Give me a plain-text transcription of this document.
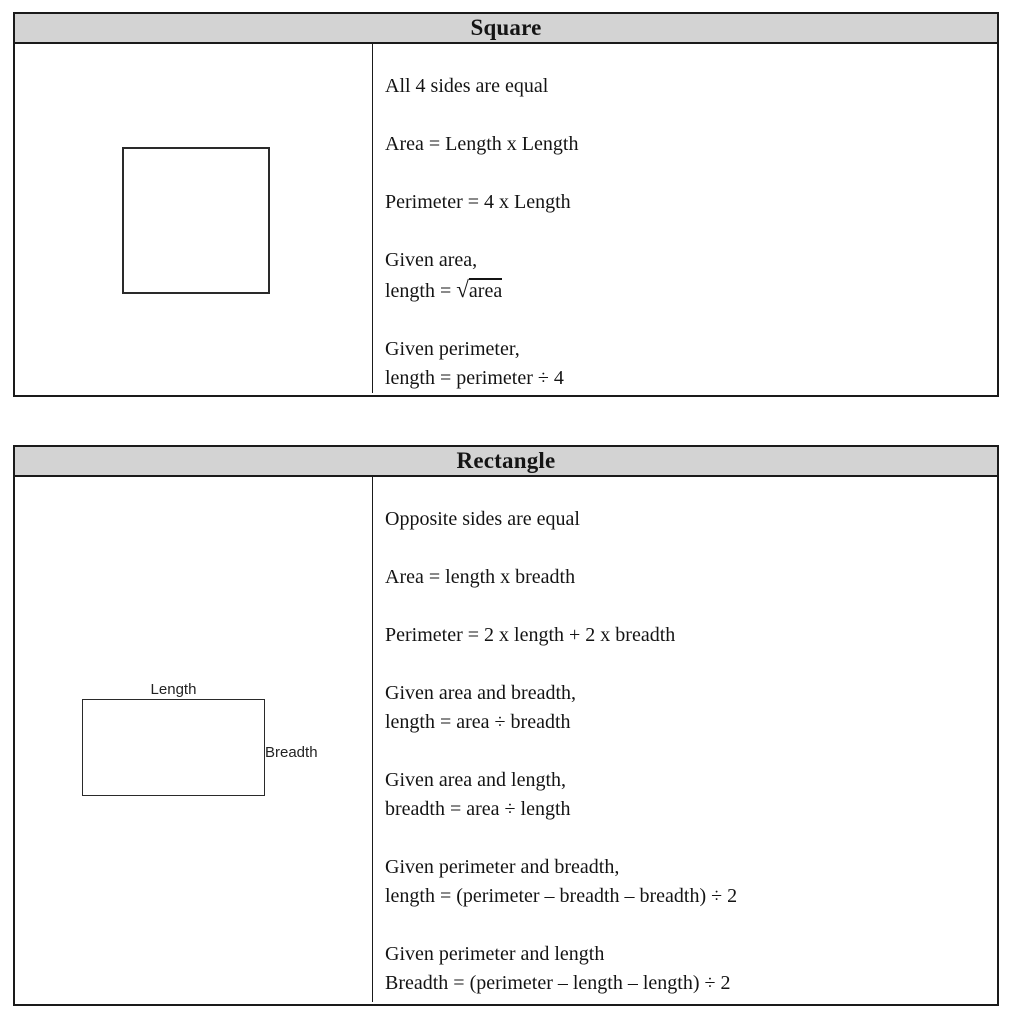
Square

All 4 sides are equal

Area = Length x Length

Perimeter = 4 x Length

Given area,
length = √area

Given perimeter,
length = perimeter ÷ 4

Rectangle
Length
Breadth

Opposite sides are equal

Area = length x breadth

Perimeter = 2 x length + 2 x breadth

Given area and breadth,
length = area ÷ breadth

Given area and length,
breadth = area ÷ length

Given perimeter and breadth,
length = (perimeter – breadth – breadth) ÷ 2

Given perimeter and length
Breadth = (perimeter – length – length) ÷ 2
